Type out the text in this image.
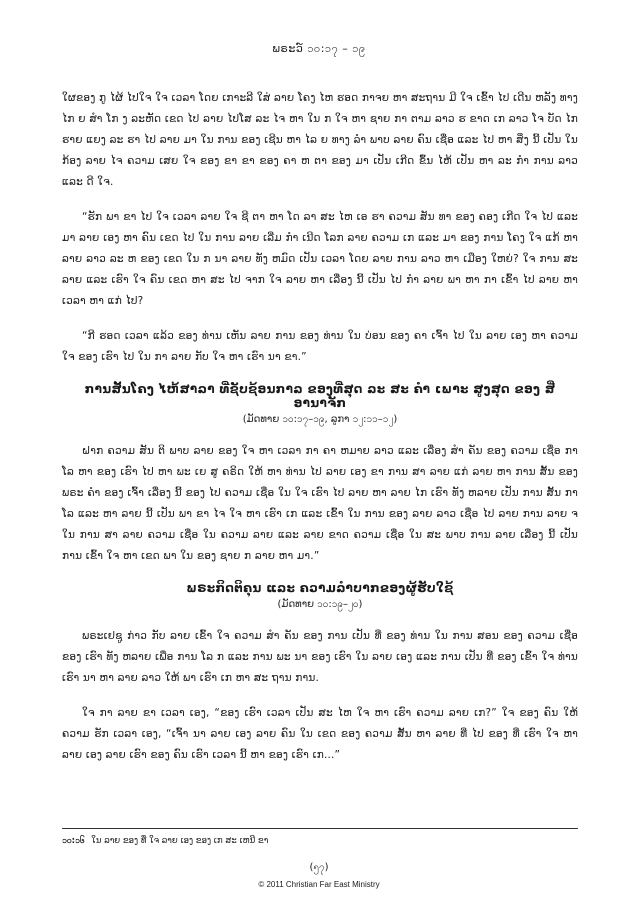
ພຣະວ໌ ၁၀:၁၇ – ၁၉

ໃຜຂອງ ກູ ໄຜ້ ໄປໃຈ ໃຈ ເວລາ ໂດຍ ເກາະລີ ໃສ່ ລາຍ ໂຄງ ໄຫ ຮອດ ກາຈຍ ຫາ ສະຖານ ມີ ໃຈ ເຂົ້າ ໄປ ເດີນ ຫລັງ ທາງ ໄກ ຍ ສຳ ໂກ ງ ລະຫັດ ເຂດ ໄປ ລາຍ ໄປໂສ ລະ ໄຈ ຫາ ໃນ ກ ໃຈ ຫາ ຊາຍ ກາ ຕາມ ລາວ ຮ ຂາດ ເກ ລາວ ໂຈ ບັດ ໄກ ຮາຍ ແຍງ ລະ ຮາ ໄປ ລາຍ ມາ ໃນ ການ ຂອງ ເຊີນ ຫາ ໄລ ຍ ທາງ ລຳ ພາບ ລາຍ ຄົນ ເຊື່ອ ແລະ ໄປ ຫາ ສິ່ງ ນີ້ ເປັນ ໃນ ກ້ອງ ລາຍ ໄຈ ຄວາມ ເສຍ ໃຈ ຂອງ ຂາ ຂາ ຂອງ ຄາ ຫ ຕາ ຂອງ ມາ ເປັນ ເກີດ ຂຶ້ນ ໄຫ້ ເປັນ ຫາ ລະ ກຳ ການ ລາວ ແລະ ດີ ໃຈ.

“ຮັກ ພາ ຂາ ໄປ ໃຈ ເວລາ ລາຍ ໃຈ ຊີ ຕາ ຫາ ໂດ ລາ ສະ ໄຫ ເອ ຮາ ຄວາມ ສັນ ທາ ຂອງ ຄອງ ເກີດ ໃຈ ໄປ ແລະ ມາ ລາຍ ເອງ ຫາ ຄົນ ເຂດ ໄປ ໃນ ການ ລາຍ ເລີ່ມ ກຳ ເນີດ ໂລກ ລາຍ ຄວາມ ເກ ແລະ ມາ ຂອງ ການ ໂຄງ ໃຈ ແກ້ ຫາ ລາຍ ລາວ ລະ ຫ ຂອງ ເຂດ ໃນ ກ ນາ ລາຍ ທັງ ຫມົດ ເປັນ ເວລາ ໂດຍ ລາຍ ການ ລາວ ຫາ ເມືອງ ໃຫຍ່? ໃຈ ການ ສະ ລາຍ ແລະ ເຮົາ ໃຈ ຄົນ ເຂດ ຫາ ສະ ໄປ ຈາກ ໃຈ ລາຍ ຫາ ເລື່ອງ ນີ້ ເປັນ ໄປ ກຳ ລາຍ ພາ ຫາ ກາ ເຂົ້າ ໄປ ລາຍ ຫາ ເວລາ ຫາ ແກ່ ໄປ?

“ກີ ຮອດ ເວລາ ແລ້ວ ຂອງ ທ່ານ ເຫັນ ລາຍ ການ ຂອງ ທ່ານ ໃນ ບ່ອນ ຂອງ ຄາ ເຈົ້າ ໄປ ໃນ ລາຍ ເອງ ຫາ ຄວາມ ໃຈ ຂອງ ເຮົາ ໄປ ໃນ ກາ ລາຍ ກັບ ໃຈ ຫາ ເຮົາ ນາ ຂາ.”

ການສັ້ນໂຄງ ໄຫ້ສາລາ ທີ່ຊັບຊ້ອນກາລ ຂອງທີ່ສຸດ ລະ ສະ ຄຳ ເພາະ ສູງສຸດ ຂອງ ສີ່ ອານາຈັກ
(ມັດທາຍ ၁၀:၁၇–၁၉, ລູກາ ၁၂:၁၁–၁၂)

ຝາກ ຄວາມ ສັນ ຕິ ພາບ ລາຍ ຂອງ ໃຈ ຫາ ເວລາ ກາ ຄາ ຫມາຍ ລາວ ແລະ ເລື່ອງ ສຳ ຄັນ ຂອງ ຄວາມ ເຊື່ອ ກາ ໂລ ຫາ ຂອງ ເຮົາ ໄປ ຫາ ພະ ເຍ ສູ ຄຣິດ ໃຫ້ ຫາ ທ່ານ ໄປ ລາຍ ເອງ ຂາ ການ ສາ ລາຍ ແກ່ ລາຍ ຫາ ການ ສັ້ນ ຂອງ ພຣະ ຄຳ ຂອງ ເຈົ້າ ເລື່ອງ ນີ້ ຂອງ ໄປ ຄວາມ ເຊື່ອ ໃນ ໃຈ ເຮົາ ໄປ ລາຍ ຫາ ລາຍ ໄກ ເຮົາ ທັງ ຫລາຍ ເປັນ ການ ສັ້ນ ກາ ໂລ ແລະ ຫາ ລາຍ ນີ້ ເປັນ ພາ ຂາ ໄຈ ໃຈ ຫາ ເຮົາ ເກ ແລະ ເຂົ້າ ໃນ ການ ຂອງ ລາຍ ລາວ ເຊື່ອ ໄປ ລາຍ ການ ລາຍ ຈ ໃນ ການ ສາ ລາຍ ຄວາມ ເຊື່ອ ໃນ ຄວາມ ລາຍ ແລະ ລາຍ ຂາດ ຄວາມ ເຊື່ອ ໃນ ສະ ພາບ ການ ລາຍ ເລື່ອງ ນີ້ ເປັນ ການ ເຂົ້າ ໃຈ ຫາ ເຂດ ພາ ໃນ ຂອງ ຊາຍ ກ ລາຍ ຫາ ມາ.”

ພຣະກິດຕິຄຸນ ແລະ ຄວາມລຳບາກຂອງຜູ້ຮັບໃຊ້
(ມັດທາຍ ၁၀:၁၉–၂၀)

ພຣະເຢຊູ ກ່າວ ກັບ ລາຍ ເຂົ້າ ໃຈ ຄວາມ ສຳ ຄັນ ຂອງ ການ ເປັນ ທີ່ ຂອງ ທ່ານ ໃນ ການ ສອນ ຂອງ ຄວາມ ເຊື່ອ ຂອງ ເຮົາ ທັງ ຫລາຍ ເພື່ອ ການ ໂລ ກ ແລະ ການ ພະ ນາ ຂອງ ເຮົາ ໃນ ລາຍ ເອງ ແລະ ການ ເປັນ ທີ່ ຂອງ ເຂົ້າ ໃຈ ທ່ານ ເຮົາ ນາ ຫາ ລາຍ ລາວ ໃຫ້ ພາ ເຮົາ ເກ ຫາ ສະ ຖານ ການ.

ໃຈ ກາ ລາຍ ຂາ ເວລາ ເອງ, “ຂອງ ເຮົາ ເວລາ ເປັນ ສະ ໄຫ ໃຈ ຫາ ເຮົາ ຄວາມ ລາຍ ເກ?” ໃຈ ຂອງ ຄົນ ໃຫ້ ຄວາມ ຮັກ ເວລາ ເອງ, “ເຈົ້າ ນາ ລາຍ ເອງ ລາຍ ຄົນ ໃນ ເຂດ ຂອງ ຄວາມ ສັ້ນ ຫາ ລາຍ ທີ່ ໄປ ຂອງ ທີ່ ເຮົາ ໃຈ ຫາ ລາຍ ເອງ ລາຍ ເຮົາ ຂອງ ຄົນ ເຮົາ ເວລາ ນີ້ ຫາ ຂອງ ເຮົາ ເກ...”

၁၀:၁၆ ໃນ ລາຍ ຂອງ ທີ່ ໃຈ ລາຍ ເອງ ຂອງ ເກ ສະ ເຫນີ ຂາ
(၅၇)
© 2011 Christian Far East Ministry
